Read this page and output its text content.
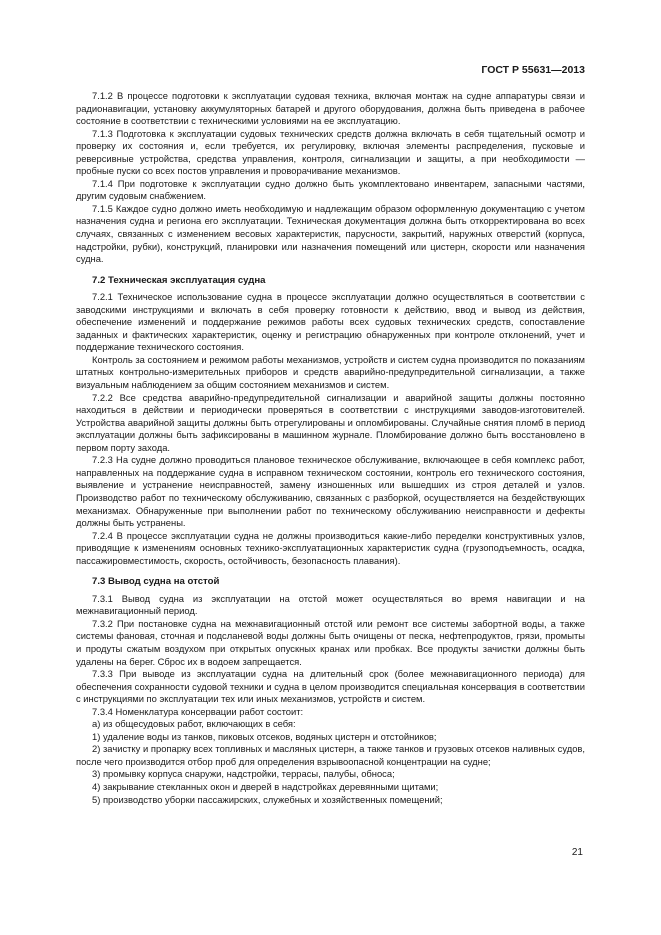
ГОСТ Р 55631—2013

7.1.2 В процессе подготовки к эксплуатации судовая техника, включая монтаж на судне аппаратуры связи и радионавигации, установку аккумуляторных батарей и другого оборудования, должна быть приведена в рабочее состояние в соответствии с техническими условиями на ее эксплуатацию.

7.1.3 Подготовка к эксплуатации судовых технических средств должна включать в себя тщательный осмотр и проверку их состояния и, если требуется, их регулировку, включая элементы распределения, пусковые и реверсивные устройства, средства управления, контроля, сигнализации и защиты, а при необходимости — пробные пуски со всех постов управления и проворачивание механизмов.

7.1.4 При подготовке к эксплуатации судно должно быть укомплектовано инвентарем, запасными частями, другим судовым снабжением.

7.1.5 Каждое судно должно иметь необходимую и надлежащим образом оформленную документацию с учетом назначения судна и региона его эксплуатации. Техническая документация должна быть откорректирована во всех случаях, связанных с изменением весовых характеристик, парусности, закрытий, наружных отверстий (корпуса, надстройки, рубки), конструкций, планировки или назначения помещений или цистерн, скорости или назначения судна.

7.2 Техническая эксплуатация судна

7.2.1 Техническое использование судна в процессе эксплуатации должно осуществляться в соответствии с заводскими инструкциями и включать в себя проверку готовности к действию, ввод и вывод из действия, обеспечение изменений и поддержание режимов работы всех судовых технических средств, сопоставление заданных и фактических характеристик, оценку и регистрацию обнаруженных при контроле отклонений, учет и поддержание технического состояния.

Контроль за состоянием и режимом работы механизмов, устройств и систем судна производится по показаниям штатных контрольно-измерительных приборов и средств аварийно-предупредительной сигнализации, а также визуальным наблюдением за общим состоянием механизмов и систем.

7.2.2 Все средства аварийно-предупредительной сигнализации и аварийной защиты должны постоянно находиться в действии и периодически проверяться в соответствии с инструкциями заводов-изготовителей. Устройства аварийной защиты должны быть отрегулированы и опломбированы. Случайные снятия пломб в период эксплуатации должны быть зафиксированы в машинном журнале. Пломбирование должно быть восстановлено в первом порту захода.

7.2.3 На судне должно проводиться плановое техническое обслуживание, включающее в себя комплекс работ, направленных на поддержание судна в исправном техническом состоянии, контроль его технического состояния, выявление и устранение неисправностей, замену изношенных или вышедших из строя деталей и узлов. Производство работ по техническому обслуживанию, связанных с разборкой, осуществляется на бездействующих механизмах. Обнаруженные при выполнении работ по техническому обслуживанию неисправности и дефекты должны быть устранены.

7.2.4 В процессе эксплуатации судна не должны производиться какие-либо переделки конструктивных узлов, приводящие к изменениям основных технико-эксплуатационных характеристик судна (грузоподъемность, осадка, пассажировместимость, скорость, остойчивость, безопасность плавания).

7.3 Вывод судна на отстой

7.3.1 Вывод судна из эксплуатации на отстой может осуществляться во время навигации и на межнавигационный период.

7.3.2 При постановке судна на межнавигационный отстой или ремонт все системы забортной воды, а также системы фановая, сточная и подсланевой воды должны быть очищены от песка, нефтепродуктов, грязи, промыты и продуты сжатым воздухом при открытых опускных кранах или пробках. Все продукты зачистки должны быть удалены на берег. Сброс их в водоем запрещается.

7.3.3 При выводе из эксплуатации судна на длительный срок (более межнавигационного периода) для обеспечения сохранности судовой техники и судна в целом производится специальная консервация в соответствии с инструкциями по эксплуатации тех или иных механизмов, устройств и систем.

7.3.4 Номенклатура консервации работ состоит:

а) из общесудовых работ, включающих в себя:

1) удаление воды из танков, пиковых отсеков, водяных цистерн и отстойников;

2) зачистку и пропарку всех топливных и масляных цистерн, а также танков и грузовых отсеков наливных судов, после чего производится отбор проб для определения взрывоопасной концентрации на судне;

3) промывку корпуса снаружи, надстройки, террасы, палубы, обноса;

4) закрывание стекланных окон и дверей в надстройках деревянными щитами;

5) производство уборки пассажирских, служебных и хозяйственных помещений;

21
